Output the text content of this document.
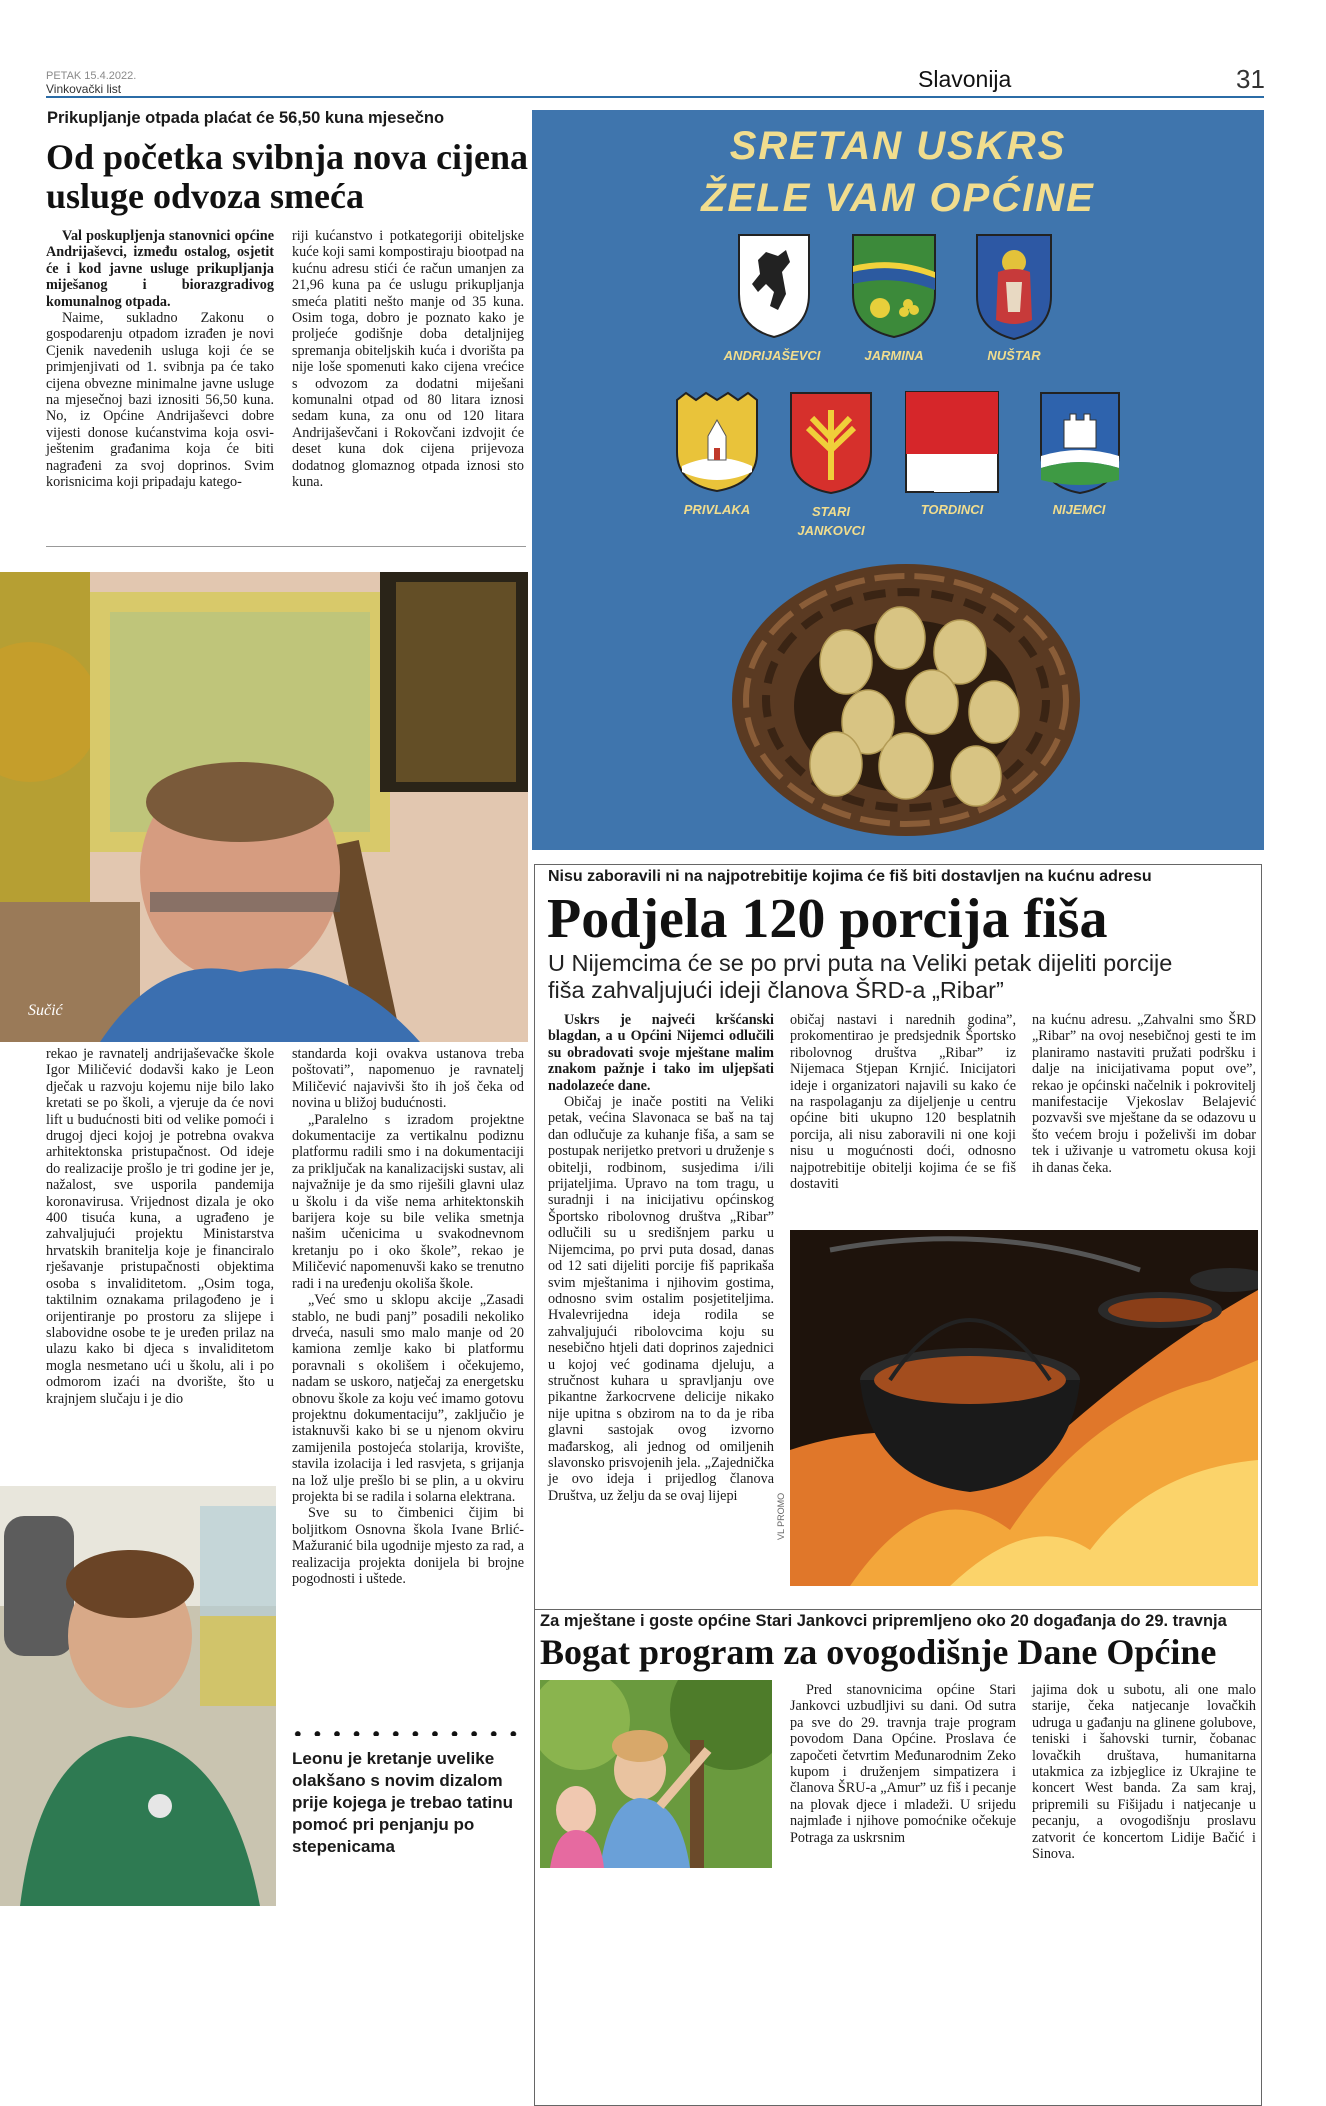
PETAK 15.4.2022.
Vinkovački list	Slavonija	31
Prikupljanje otpada plaćat će 56,50 kuna mjesečno
Od početka svibnja nova cijena usluge odvoza smeća

Val poskupljenja stanovnici općine Andrijaševci, između ostalog, osjetit će i kod javne usluge prikupljanja miješanog i biorazgradivog komunalnog otpada.

Naime, sukladno Zakonu o gospodarenju otpadom izrađen je novi Cjenik navedenih usluga koji će se primjenjivati od 1. svibnja pa će tako cijena obvezne minimalne javne usluge na mjesečnoj bazi iznositi 56,50 kuna. No, iz Općine Andrijaševci dobre vijesti donose kućanstvima koja osvi-ještenim građanima koja će biti nagrađeni za svoj doprinos. Svim korisnicima koji pripadaju katego-

riji kućanstvo i potkategoriji obiteljske kuće koji sami kompostiraju biootpad na kućnu adresu stići će račun umanjen za 21,96 kuna pa će uslugu prikupljanja smeća platiti nešto manje od 35 kuna. Osim toga, dobro je poznato kako je proljeće godišnje doba detaljnijeg spremanja obiteljskih kuća i dvorišta pa nije loše spomenuti kako cijena vrećice s odvozom za dodatni miješani komunalni otpad od 80 litara iznosi sedam kuna, za onu od 120 litara Andrijaševčani i Rokovčani izdvojit će deset kuna dok cijena prijevoza dodatnog glomaznog otpada iznosi sto kuna.

SRETAN USKRS
ŽELE VAM OPĆINE
ANDRIJAŠEVCI	JARMINA	NUŠTAR
PRIVLAKA	STARI JANKOVCI
TORDINCI	NIJEMCI
Sučić

rekao je ravnatelj andrijaševačke škole Igor Miličević dodavši kako je Leon dječak u razvoju kojemu nije bilo lako kretati se po školi, a vjeruje da će novi lift u budućnosti biti od velike pomoći i drugoj djeci kojoj je potrebna ovakva arhitektonska pristupačnost. Od ideje do realizacije prošlo je tri godine jer je, nažalost, sve usporila pandemija koronavirusa. Vrijednost dizala je oko 400 tisuća kuna, a ugrađeno je zahvaljujući projektu Ministarstva hrvatskih branitelja koje je financiralo rješavanje pristupačnosti objektima osoba s invaliditetom. „Osim toga, taktilnim oznakama prilagođeno je i orijentiranje po prostoru za slijepe i slabovidne osobe te je uređen prilaz na ulazu kako bi djeca s invaliditetom mogla nesmetano ući u školu, ali i po odmorom izaći na dvorište, što u krajnjem slučaju i je dio

standarda koji ovakva ustanova treba poštovati”, napomenuo je ravnatelj Miličević najavivši što ih još čeka od novina u bližoj budućnosti.

„Paralelno s izradom projektne dokumentacije za vertikalnu podiznu platformu radili smo i na dokumentaciji za priključak na kanalizacijski sustav, ali najvažnije je da smo riješili glavni ulaz u školu i da više nema arhitektonskih barijera koje su bile velika smetnja našim učenicima u svakodnevnom kretanju po i oko škole”, rekao je Miličević napomenuvši kako se trenutno radi i na uređenju okoliša škole.

„Već smo u sklopu akcije „Zasadi stablo, ne budi panj” posadili nekoliko drveća, nasuli smo malo manje od 20 kamiona zemlje kako bi platformu poravnali s okolišem i očekujemo, nadam se uskoro, natječaj za energetsku obnovu škole za koju već imamo gotovu projektnu dokumentaciju”, zaključio je istaknuvši kako bi se u njenom okviru zamijenila postojeća stolarija, krovište, stavila izolacija i led rasvjeta, s grijanja na lož ulje prešlo bi se plin, a u okviru projekta bi se radila i solarna elektrana.

Sve su to čimbenici čijim bi boljitkom Osnovna škola Ivane Brlić-Mažuranić bila ugodnije mjesto za rad, a realizacija projekta donijela bi brojne pogodnosti i uštede.

Leonu je kretanje uvelike olakšano s novim dizalom prije kojega je trebao tatinu pomoć pri penjanju po stepenicama
Nisu zaboravili ni na najpotrebitije kojima će fiš biti dostavljen na kućnu adresu
Podjela 120 porcija fiša
U Nijemcima će se po prvi puta na Veliki petak dijeliti porcije fiša zahvaljujući ideji članova ŠRD-a „Ribar”

Uskrs je najveći kršćanski blagdan, a u Općini Nijemci odlučili su obradovati svoje mještane malim znakom pažnje i tako im uljepšati nadolazeće dane.

Običaj je inače postiti na Veliki petak, većina Slavonaca se baš na taj dan odlučuje za kuhanje fiša, a sam se postupak nerijetko pretvori u druženje s obitelji, rodbinom, susjedima i/ili prijateljima. Upravo na tom tragu, u suradnji i na inicijativu općinskog Športsko ribolovnog društva „Ribar” odlučili su u središnjem parku u Nijemcima, po prvi puta dosad, danas od 12 sati dijeliti porcije fiš paprikaša svim mještanima i njihovim gostima, odnosno svim ostalim posjetiteljima. Hvalevrijedna ideja rodila se zahvaljujući ribolovcima koju su nesebično htjeli dati doprinos zajednici u kojoj već godinama djeluju, a stručnost kuhara u spravljanju ove pikantne žarkocrvene delicije nikako nije upitna s obzirom na to da je riba glavni sastojak ovog izvorno mađarskog, ali jednog od omiljenih slavonsko prisvojenih jela. „Zajednička je ovo ideja i prijedlog članova Društva, uz želju da se ovaj lijepi

običaj nastavi i narednih godina”, prokomentirao je predsjednik Športsko ribolovnog društva „Ribar” iz Nijemaca Stjepan Krnjić. Inicijatori ideje i organizatori najavili su kako će na raspolaganju za dijeljenje u centru općine biti ukupno 120 besplatnih porcija, ali nisu zaboravili ni one koji nisu u mogućnosti doći, odnosno najpotrebitije obitelji kojima će se fiš dostaviti

na kućnu adresu. „Zahvalni smo ŠRD „Ribar” na ovoj nesebičnoj gesti te im planiramo nastaviti pružati podršku i dalje na inicijativama poput ove”, rekao je općinski načelnik i pokrovitelj manifestacije Vjekoslav Belajević pozvavši sve mještane da se odazovu u što većem broju i poželivši im dobar tek i uživanje u vatrometu okusa koji ih danas čeka.

VL PROMO
Za mještane i goste općine Stari Jankovci pripremljeno oko 20 događanja do 29. travnja
Bogat program za ovogodišnje Dane Općine

Pred stanovnicima općine Stari Jankovci uzbudljivi su dani. Od sutra pa sve do 29. travnja traje program povodom Dana Općine. Proslava će započeti četvrtim Međunarodnim Zeko kupom i druženjem simpatizera i članova ŠRU-a „Amur” uz fiš i pecanje na plovak djece i mladeži. U srijedu najmlađe i njihove pomoćnike očekuje Potraga za uskrsnim

jajima dok u subotu, ali one malo starije, čeka natjecanje lovačkih udruga u gađanju na glinene golubove, teniski i šahovski turnir, čobanac lovačkih društava, humanitarna utakmica za izbjeglice iz Ukrajine te koncert West banda. Za sam kraj, pripremili su Fišijadu i natjecanje u pecanju, a ovogodišnju proslavu zatvorit će koncertom Lidije Bačić i Sinova.
